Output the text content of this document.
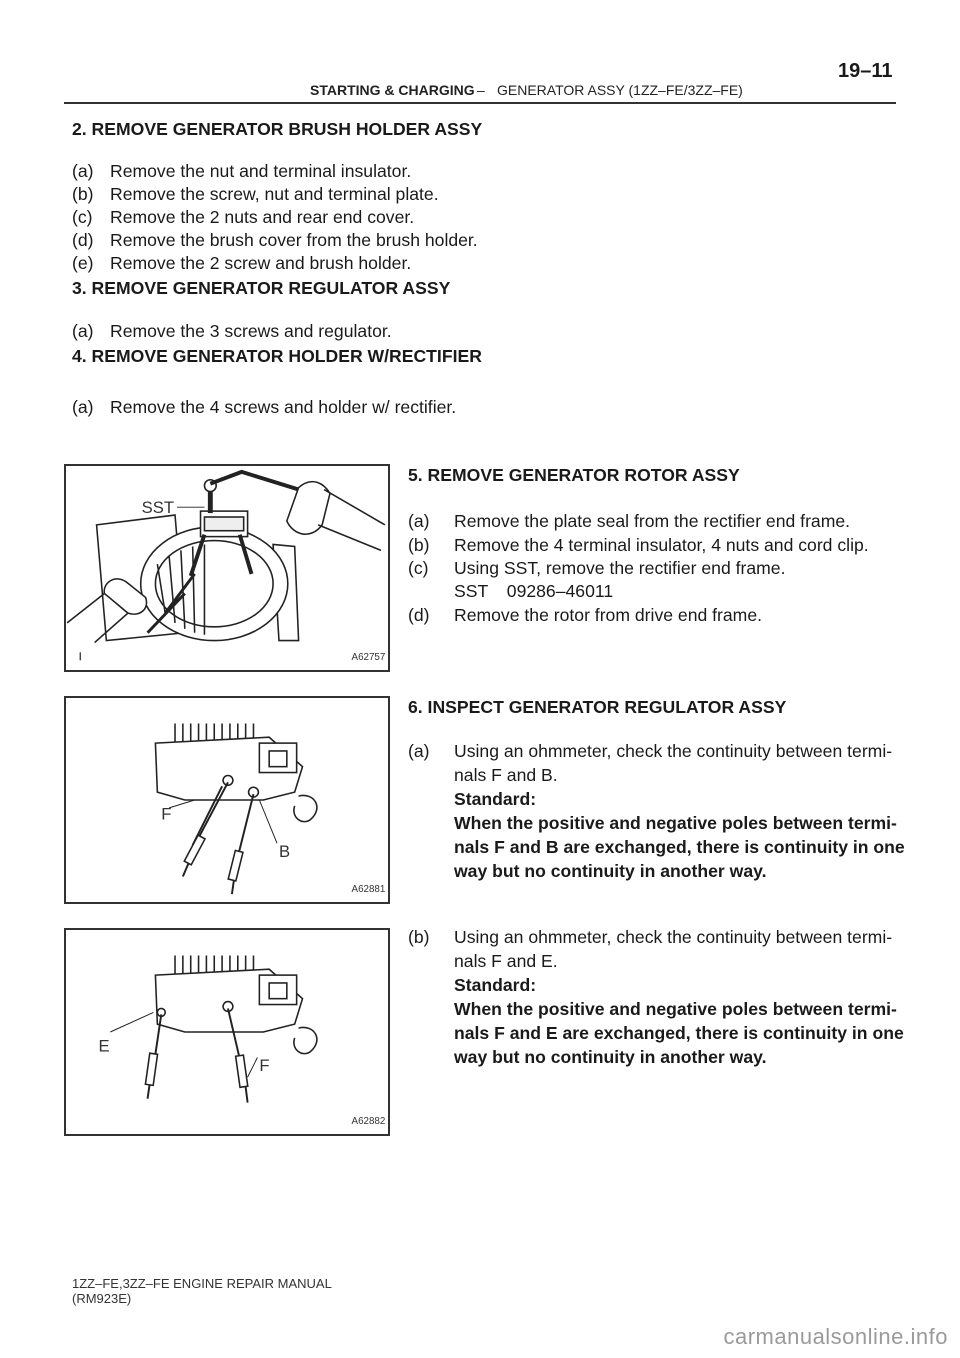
STARTING & CHARGING – GENERATOR ASSY (1ZZ–FE/3ZZ–FE)
19–11
2. REMOVE GENERATOR BRUSH HOLDER ASSY
(a) Remove the nut and terminal insulator.
(b) Remove the screw, nut and terminal plate.
(c) Remove the 2 nuts and rear end cover.
(d) Remove the brush cover from the brush holder.
(e) Remove the 2 screw and brush holder.
3. REMOVE GENERATOR REGULATOR ASSY
(a) Remove the 3 screws and regulator.
4. REMOVE GENERATOR HOLDER W/RECTIFIER
(a) Remove the 4 screws and holder w/ rectifier.
5. REMOVE GENERATOR ROTOR ASSY
(a) Remove the plate seal from the rectifier end frame.
(b) Remove the 4 terminal insulator, 4 nuts and cord clip.
(c) Using SST, remove the rectifier end frame.
SST 09286–46011
(d) Remove the rotor from drive end frame.
6. INSPECT GENERATOR REGULATOR ASSY
(a) Using an ohmmeter, check the continuity between termi-
nals F and B.
Standard:
When the positive and negative poles between termi-
nals F and B are exchanged, there is continuity in one
way but no continuity in another way.
(b) Using an ohmmeter, check the continuity between termi-
nals F and E.
Standard:
When the positive and negative poles between termi-
nals F and E are exchanged, there is continuity in one
way but no continuity in another way.
SST
ꞁ	A62757
F
B
A62881
E
F
A62882
1ZZ–FE,3ZZ–FE ENGINE REPAIR MANUAL
(RM923E)
carmanualsonline.info
